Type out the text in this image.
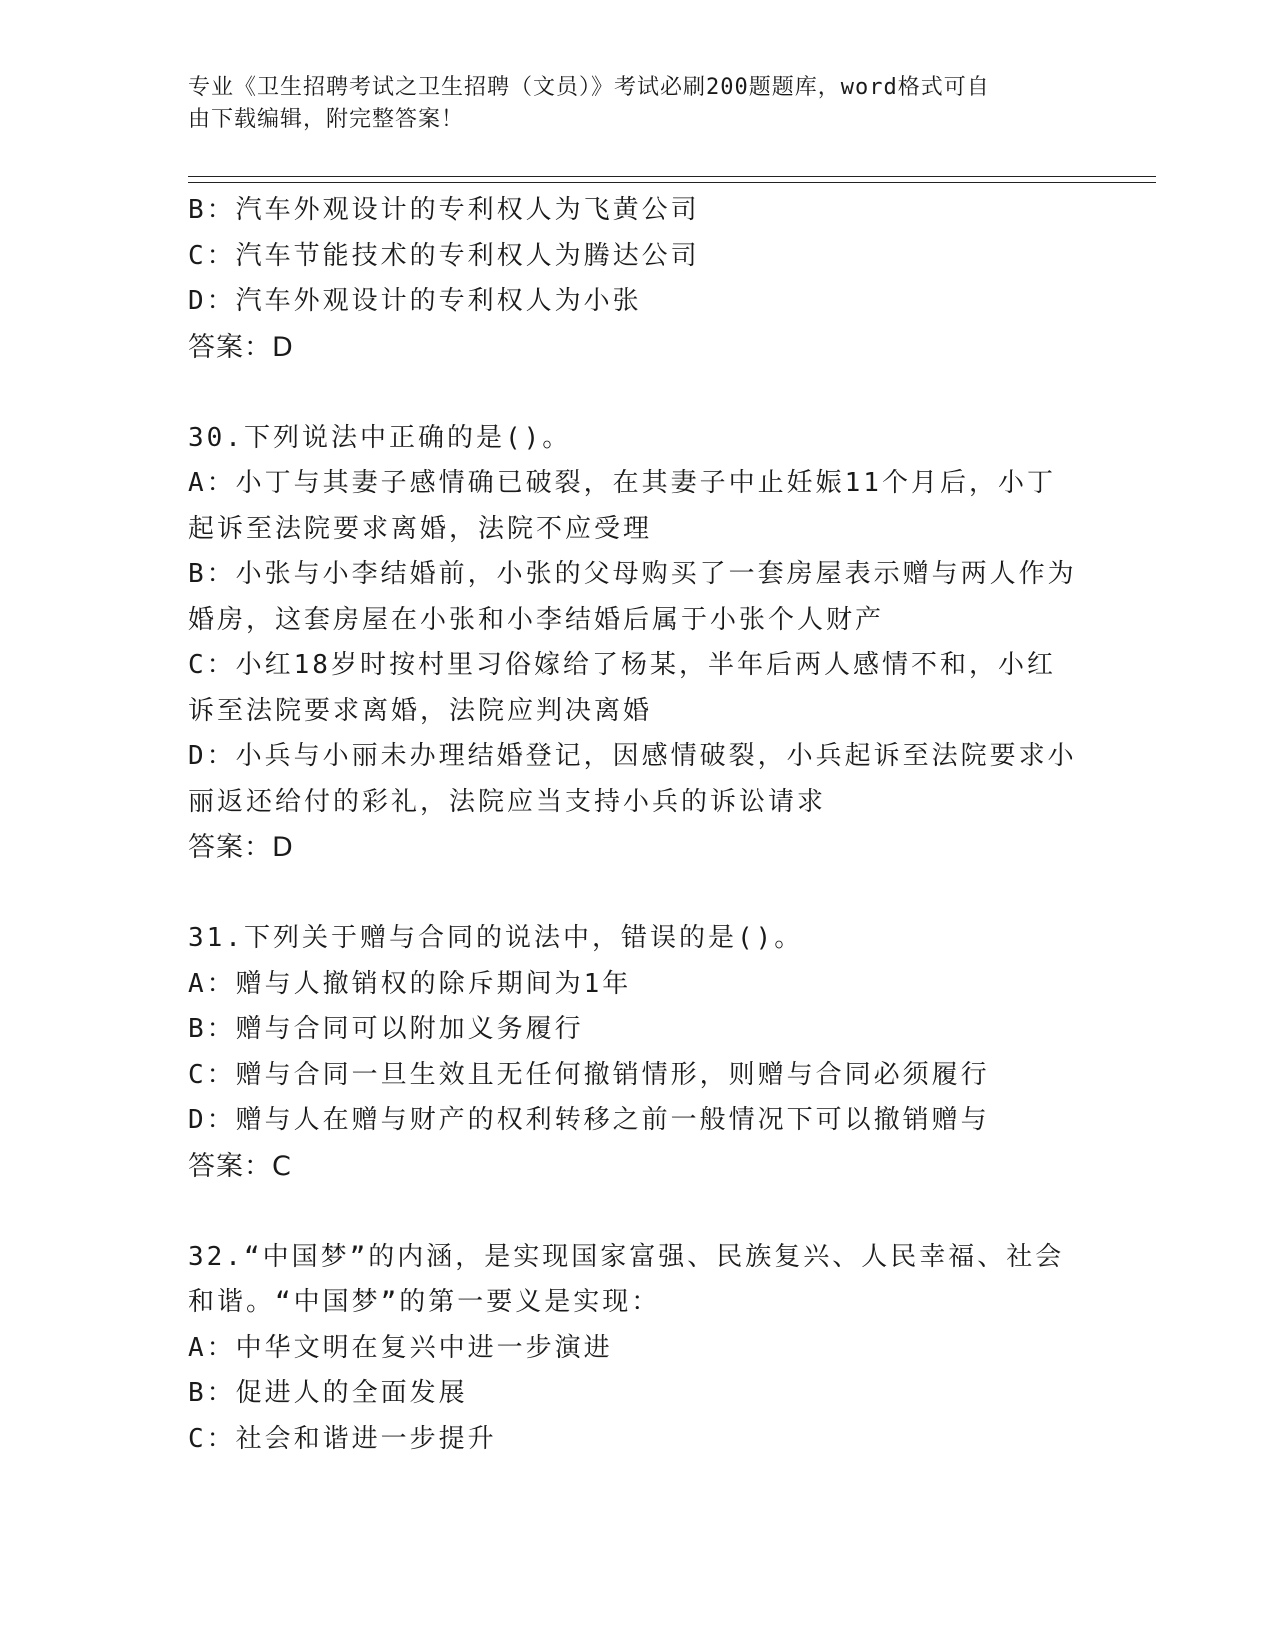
专业《卫生招聘考试之卫生招聘（文员）》考试必刷200题题库，word格式可自
由下载编辑，附完整答案！
B：汽车外观设计的专利权人为飞黄公司
C：汽车节能技术的专利权人为腾达公司
D：汽车外观设计的专利权人为小张
答案：D
30.下列说法中正确的是()。
A：小丁与其妻子感情确已破裂，在其妻子中止妊娠11个月后，小丁
起诉至法院要求离婚，法院不应受理
B：小张与小李结婚前，小张的父母购买了一套房屋表示赠与两人作为
婚房，这套房屋在小张和小李结婚后属于小张个人财产
C：小红18岁时按村里习俗嫁给了杨某，半年后两人感情不和，小红
诉至法院要求离婚，法院应判决离婚
D：小兵与小丽未办理结婚登记，因感情破裂，小兵起诉至法院要求小
丽返还给付的彩礼，法院应当支持小兵的诉讼请求
答案：D
31.下列关于赠与合同的说法中，错误的是()。
A：赠与人撤销权的除斥期间为1年
B：赠与合同可以附加义务履行
C：赠与合同一旦生效且无任何撤销情形，则赠与合同必须履行
D：赠与人在赠与财产的权利转移之前一般情况下可以撤销赠与
答案：C
32.“中国梦”的内涵，是实现国家富强、民族复兴、人民幸福、社会
和谐。“中国梦”的第一要义是实现：
A：中华文明在复兴中进一步演进
B：促进人的全面发展
C：社会和谐进一步提升
